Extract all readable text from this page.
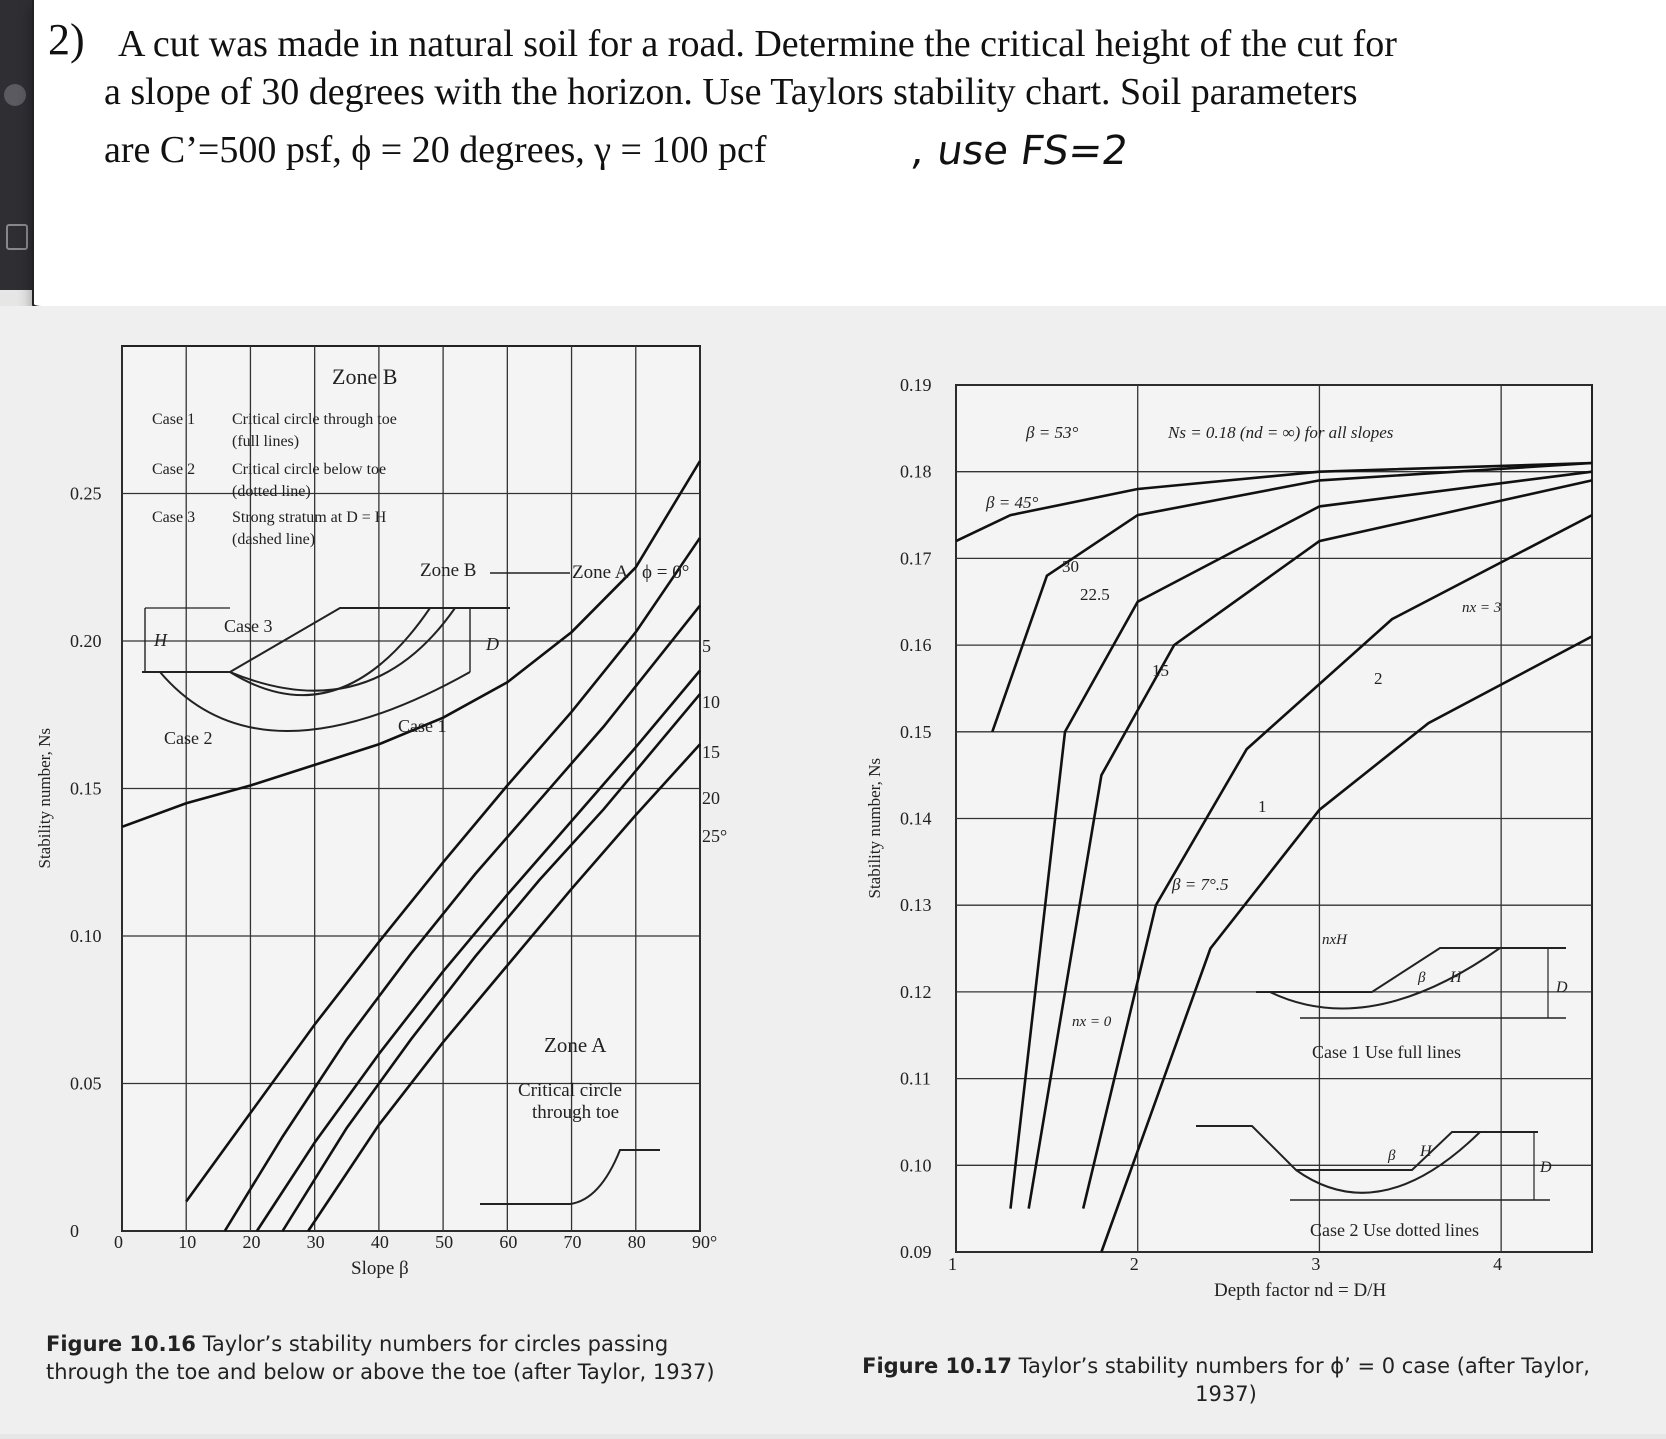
2) A cut was made in natural soil for a road. Determine the critical height of the cut for
a slope of 30 degrees with the horizon. Use Taylors stability chart. Soil parameters
are C’=500 psf, ϕ = 20 degrees, γ = 100 pcf	, use FS=2
0	10	20	30	40	50	60	70	80	90°
0
0.05
0.10
0.15
0.20
0.25
Slope β
Stability number, Ns
Zone B
Case 1 Critical circle through toe
(full lines)
Case 2 Critical circle below toe
(dotted line)
Case 3 Strong stratum at D = H
(dashed line)
Zone B	Zone A ϕ = 0°
H	D
Case 3
Case 1
Case 2
Zone A
Critical circle
through toe
5
10
15
20
25°
1	2	3	4
0.09
0.10
0.11
0.12
0.13
0.14
0.15
0.16
0.17
0.18
0.19
Depth factor nd = D/H
Stability number, Ns
Ns = 0.18 (nd = ∞) for all slopes
β = 53°
β = 45°
30
22.5
15
β = 7°.5
nx = 3
2
1
nx = 0
D
H
β
nxH
Case 1 Use full lines
D
H
β
Case 2 Use dotted lines
Figure 10.16 Taylor’s stability numbers for circles passing through the toe and below or above the toe (after Taylor, 1937)	Figure 10.17 Taylor’s stability numbers for ϕ’ = 0 case (after Taylor, 1937)
